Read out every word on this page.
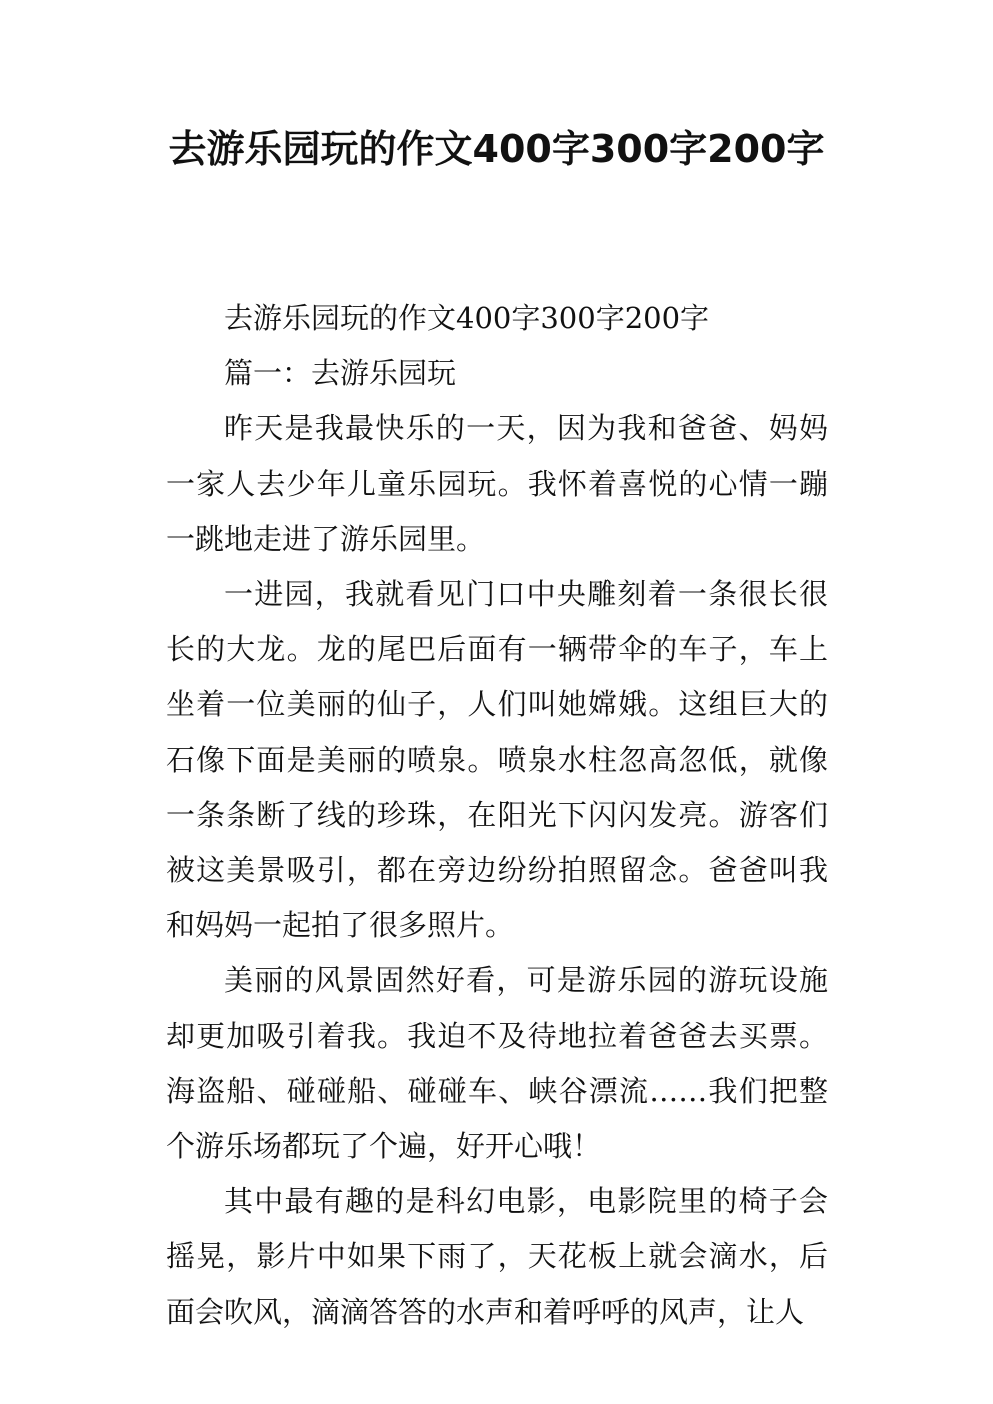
去游乐园玩的作文400字300字200字

去游乐园玩的作文400字300字200字

篇一：去游乐园玩

昨天是我最快乐的一天，因为我和爸爸、妈妈一家人去少年儿童乐园玩。我怀着喜悦的心情一蹦一跳地走进了游乐园里。

一进园，我就看见门口中央雕刻着一条很长很长的大龙。龙的尾巴后面有一辆带伞的车子，车上坐着一位美丽的仙子，人们叫她嫦娥。这组巨大的石像下面是美丽的喷泉。喷泉水柱忽高忽低，就像一条条断了线的珍珠，在阳光下闪闪发亮。游客们被这美景吸引，都在旁边纷纷拍照留念。爸爸叫我和妈妈一起拍了很多照片。

美丽的风景固然好看，可是游乐园的游玩设施却更加吸引着我。我迫不及待地拉着爸爸去买票。海盗船、碰碰船、碰碰车、峡谷漂流……我们把整个游乐场都玩了个遍，好开心哦！

其中最有趣的是科幻电影，电影院里的椅子会摇晃，影片中如果下雨了，天花板上就会滴水，后面会吹风，滴滴答答的水声和着呼呼的风声，让人
